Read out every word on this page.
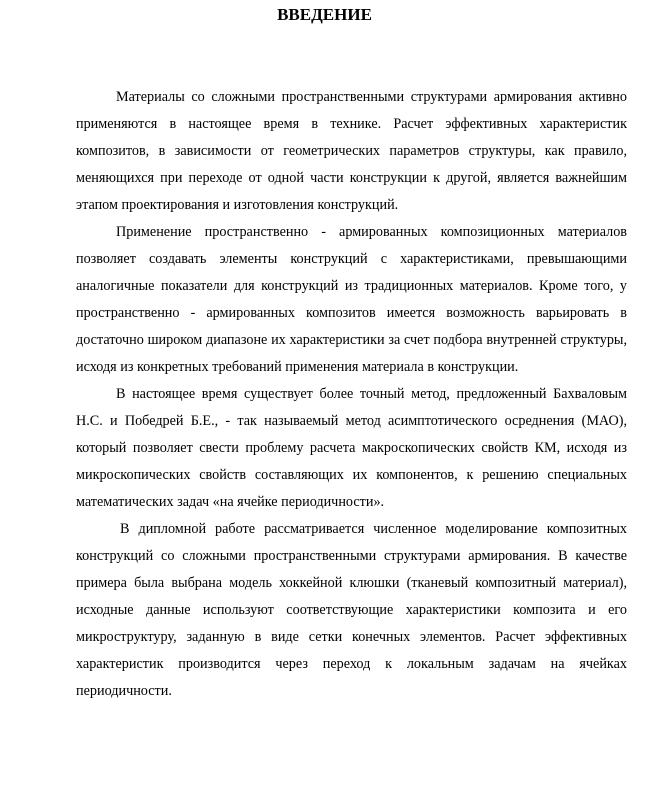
ВВЕДЕНИЕ

Материалы со сложными пространственными структурами армирования активно применяются в настоящее время в технике. Расчет эффективных характеристик композитов, в зависимости от геометрических параметров структуры, как правило, меняющихся при переходе от одной части конструкции к другой, является важнейшим этапом проектирования и изготовления конструкций.

Применение пространственно - армированных композиционных материалов позволяет создавать элементы конструкций с характеристиками, превышающими аналогичные показатели для конструкций из традиционных материалов. Кроме того, у пространственно - армированных композитов имеется возможность варьировать в достаточно широком диапазоне их характеристики за счет подбора внутренней структуры, исходя из конкретных требований применения материала в конструкции.

В настоящее время существует более точный метод, предложенный Бахваловым Н.С. и Победрей Б.Е., - так называемый метод асимптотического осреднения (МАО), который позволяет свести проблему расчета макроскопических свойств КМ, исходя из микроскопических свойств составляющих их компонентов, к решению специальных математических задач «на ячейке периодичности».

В дипломной работе рассматривается численное моделирование композитных конструкций со сложными пространственными структурами армирования. В качестве примера была выбрана модель хоккейной клюшки (тканевый композитный материал), исходные данные используют соответствующие характеристики композита и его микроструктуру, заданную в виде сетки конечных элементов. Расчет эффективных характеристик производится через переход к локальным задачам на ячейках периодичности.
